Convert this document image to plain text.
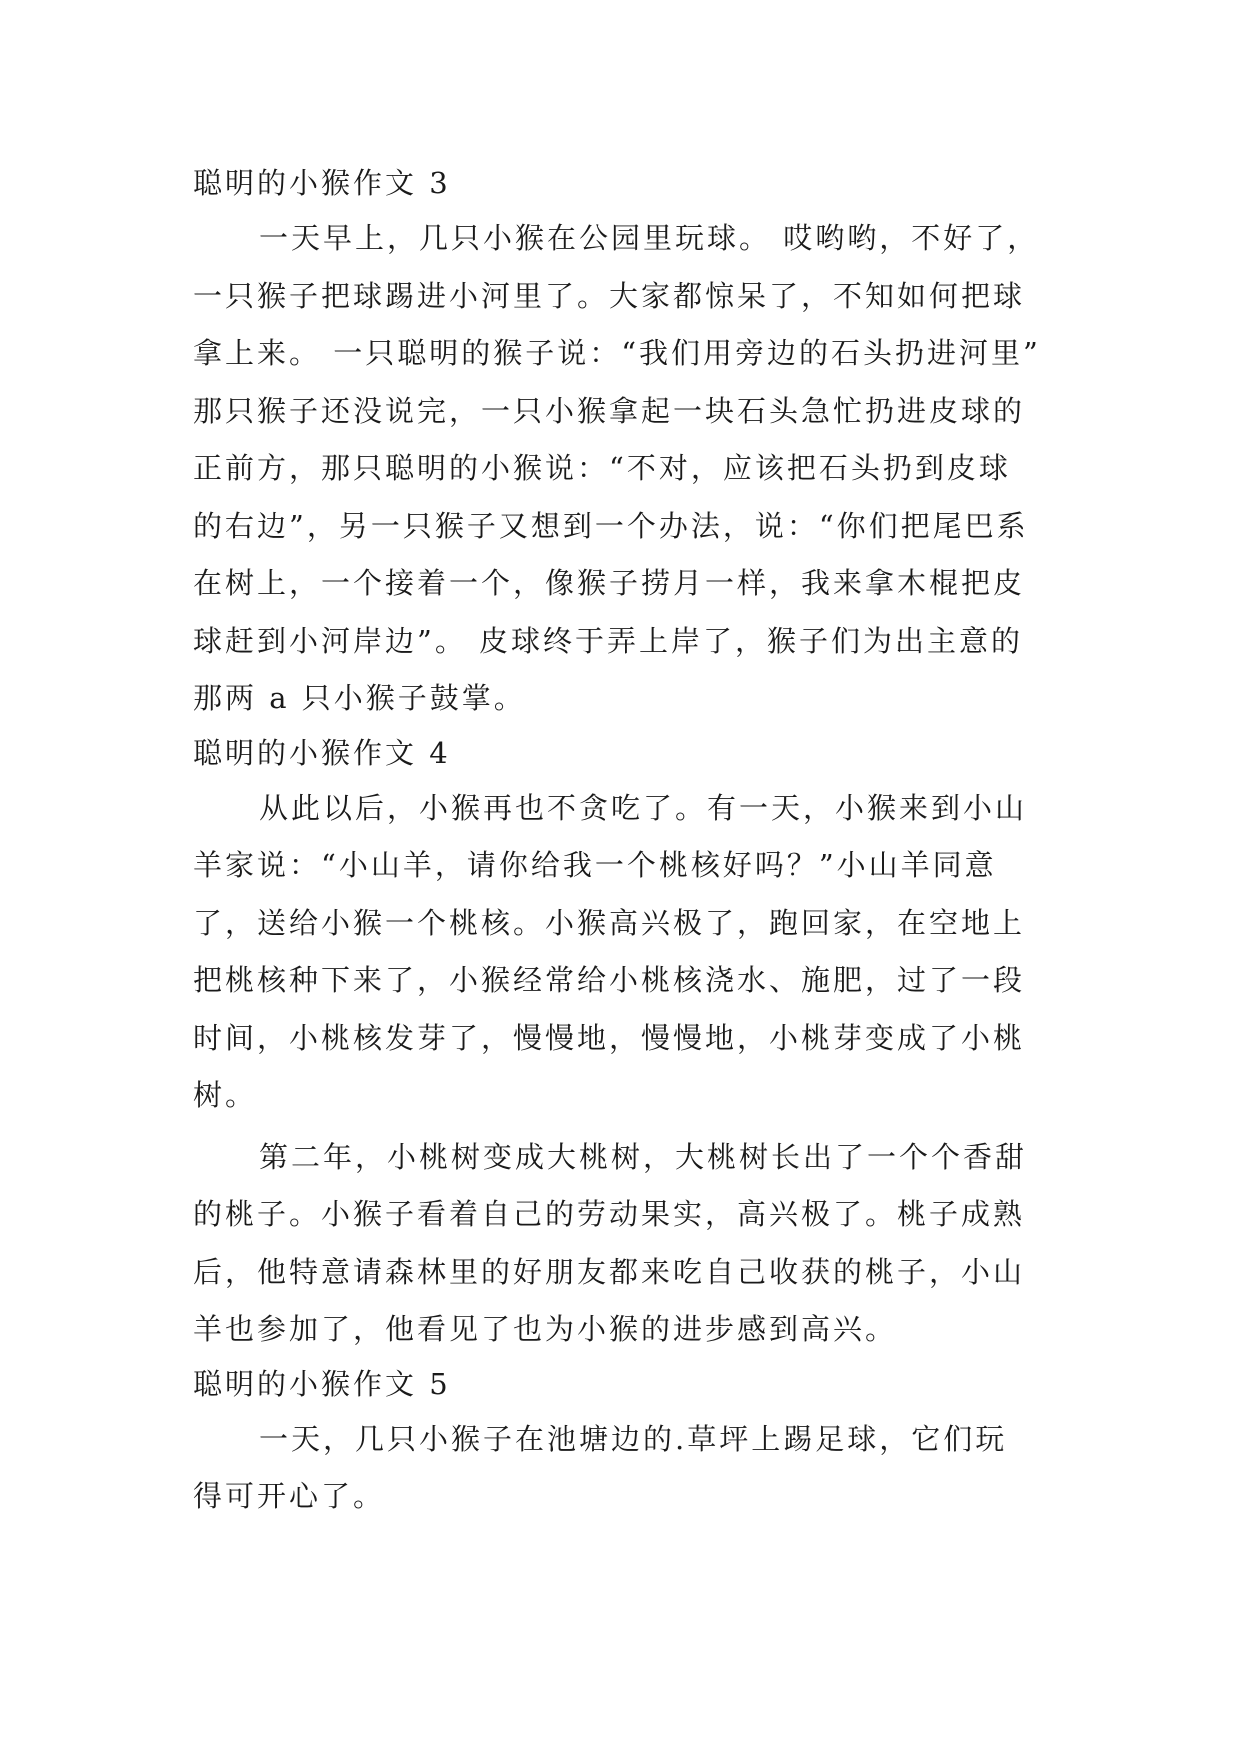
聪明的小猴作文 3
一天早上，几只小猴在公园里玩球。 哎哟哟，不好了，
一只猴子把球踢进小河里了。大家都惊呆了，不知如何把球
拿上来。 一只聪明的猴子说：“我们用旁边的石头扔进河里”
那只猴子还没说完，一只小猴拿起一块石头急忙扔进皮球的
正前方，那只聪明的小猴说：“不对，应该把石头扔到皮球
的右边”，另一只猴子又想到一个办法，说：“你们把尾巴系
在树上，一个接着一个，像猴子捞月一样，我来拿木棍把皮
球赶到小河岸边”。 皮球终于弄上岸了，猴子们为出主意的
那两 a 只小猴子鼓掌。
聪明的小猴作文 4
从此以后，小猴再也不贪吃了。有一天，小猴来到小山
羊家说：“小山羊，请你给我一个桃核好吗？”小山羊同意
了，送给小猴一个桃核。小猴高兴极了，跑回家，在空地上
把桃核种下来了，小猴经常给小桃核浇水、施肥，过了一段
时间，小桃核发芽了，慢慢地，慢慢地，小桃芽变成了小桃
树。
第二年，小桃树变成大桃树，大桃树长出了一个个香甜
的桃子。小猴子看着自己的劳动果实，高兴极了。桃子成熟
后，他特意请森林里的好朋友都来吃自己收获的桃子，小山
羊也参加了，他看见了也为小猴的进步感到高兴。
聪明的小猴作文 5
一天，几只小猴子在池塘边的.草坪上踢足球，它们玩
得可开心了。
